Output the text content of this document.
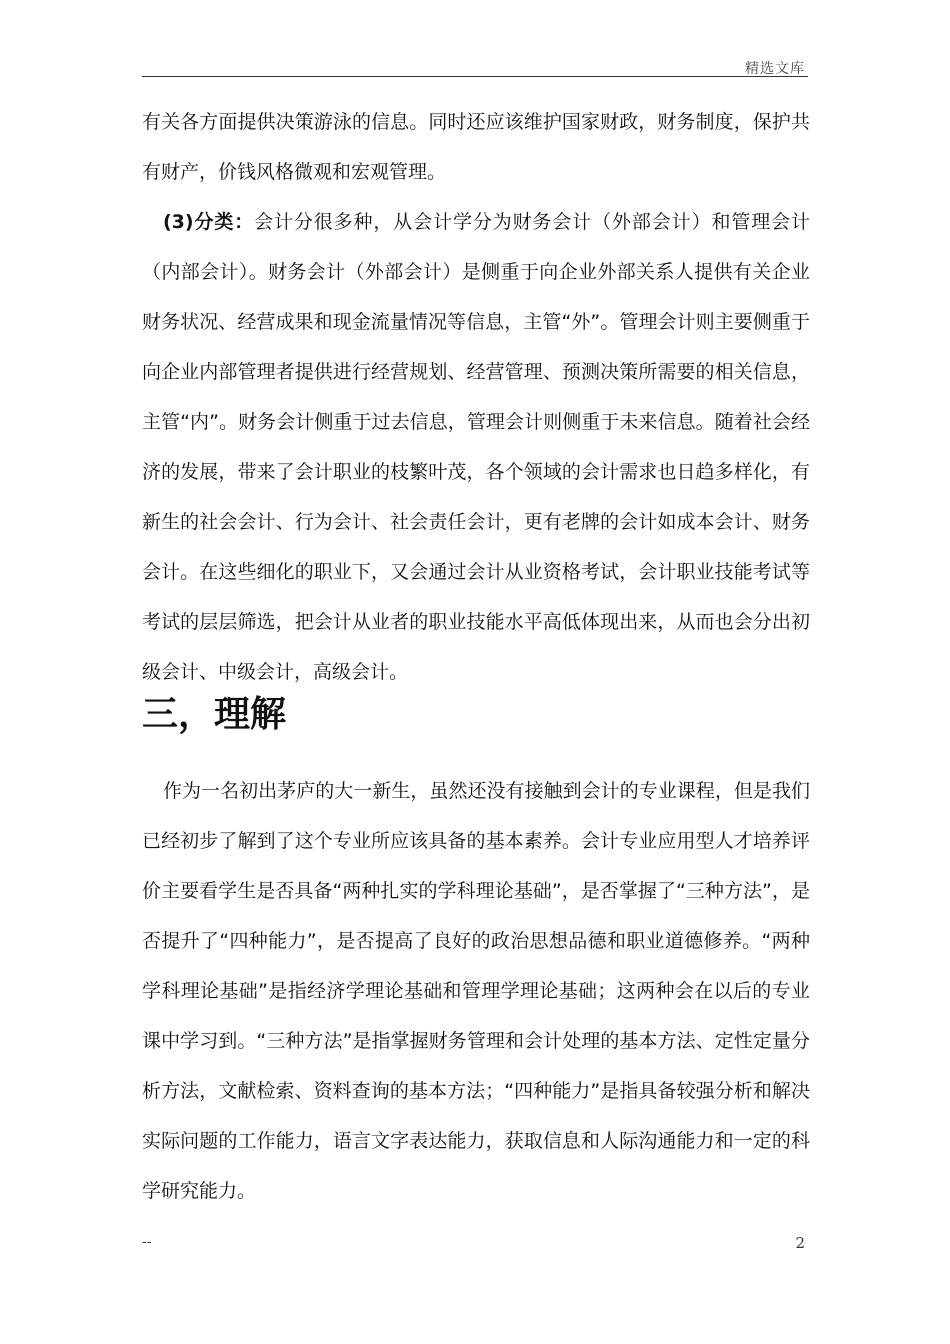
精选文库

有关各方面提供决策游泳的信息。同时还应该维护国家财政，财务制度，保护共有财产，价钱风格微观和宏观管理。

(3)分类：会计分很多种，从会计学分为财务会计（外部会计）和管理会计（内部会计）。财务会计（外部会计）是侧重于向企业外部关系人提供有关企业财务状况、经营成果和现金流量情况等信息，主管“外”。管理会计则主要侧重于向企业内部管理者提供进行经营规划、经营管理、预测决策所需要的相关信息，主管“内”。财务会计侧重于过去信息，管理会计则侧重于未来信息。随着社会经济的发展，带来了会计职业的枝繁叶茂，各个领域的会计需求也日趋多样化，有新生的社会会计、行为会计、社会责任会计，更有老牌的会计如成本会计、财务会计。在这些细化的职业下，又会通过会计从业资格考试，会计职业技能考试等考试的层层筛选，把会计从业者的职业技能水平高低体现出来，从而也会分出初级会计、中级会计，高级会计。

三，理解

作为一名初出茅庐的大一新生，虽然还没有接触到会计的专业课程，但是我们已经初步了解到了这个专业所应该具备的基本素养。会计专业应用型人才培养评价主要看学生是否具备“两种扎实的学科理论基础”，是否掌握了“三种方法”，是否提升了“四种能力”，是否提高了良好的政治思想品德和职业道德修养。“两种学科理论基础”是指经济学理论基础和管理学理论基础；这两种会在以后的专业课中学习到。“三种方法”是指掌握财务管理和会计处理的基本方法、定性定量分析方法，文献检索、资料查询的基本方法；“四种能力”是指具备较强分析和解决实际问题的工作能力，语言文字表达能力，获取信息和人际沟通能力和一定的科学研究能力。

--	2
